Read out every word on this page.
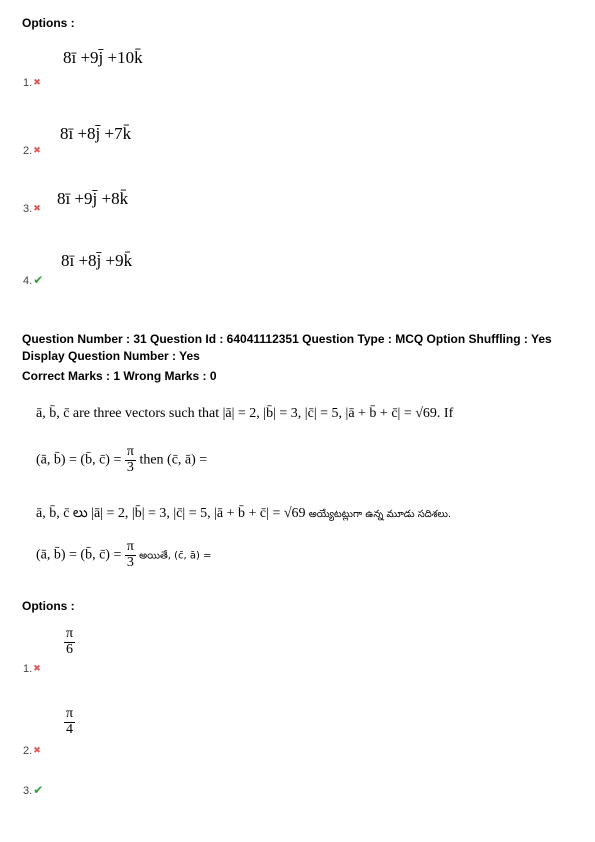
Options :
8ī +9j̄ +10k̄
1.✖
8ī +8j̄ +7k̄
2.✖
8ī +9j̄ +8k̄
3.✖
8ī +8j̄ +9k̄
4.✔
Question Number : 31 Question Id : 64041112351 Question Type : MCQ Option Shuffling : Yes
Display Question Number : Yes
Correct Marks : 1 Wrong Marks : 0
ā, b̄, c̄ are three vectors such that |ā| = 2, |b̄| = 3, |c̄| = 5, |ā + b̄ + c̄| = √69. If
(ā, b̄) = (b̄, c̄) = $\frac{\pi}{3}$ then (c̄, ā) =
ā, b̄, c̄ లు |ā| = 2, |b̄| = 3, |c̄| = 5, |ā + b̄ + c̄| = √69 అయ్యేటట్లుగా ఉన్న మూడు సదిశలు.
(ā, b̄) = (b̄, c̄) = $\frac{\pi}{3}$ అయితే, (c̄, ā) =
Options :
$\frac{\pi}{6}$
1.✖
$\frac{\pi}{4}$
2.✖
3.✔
